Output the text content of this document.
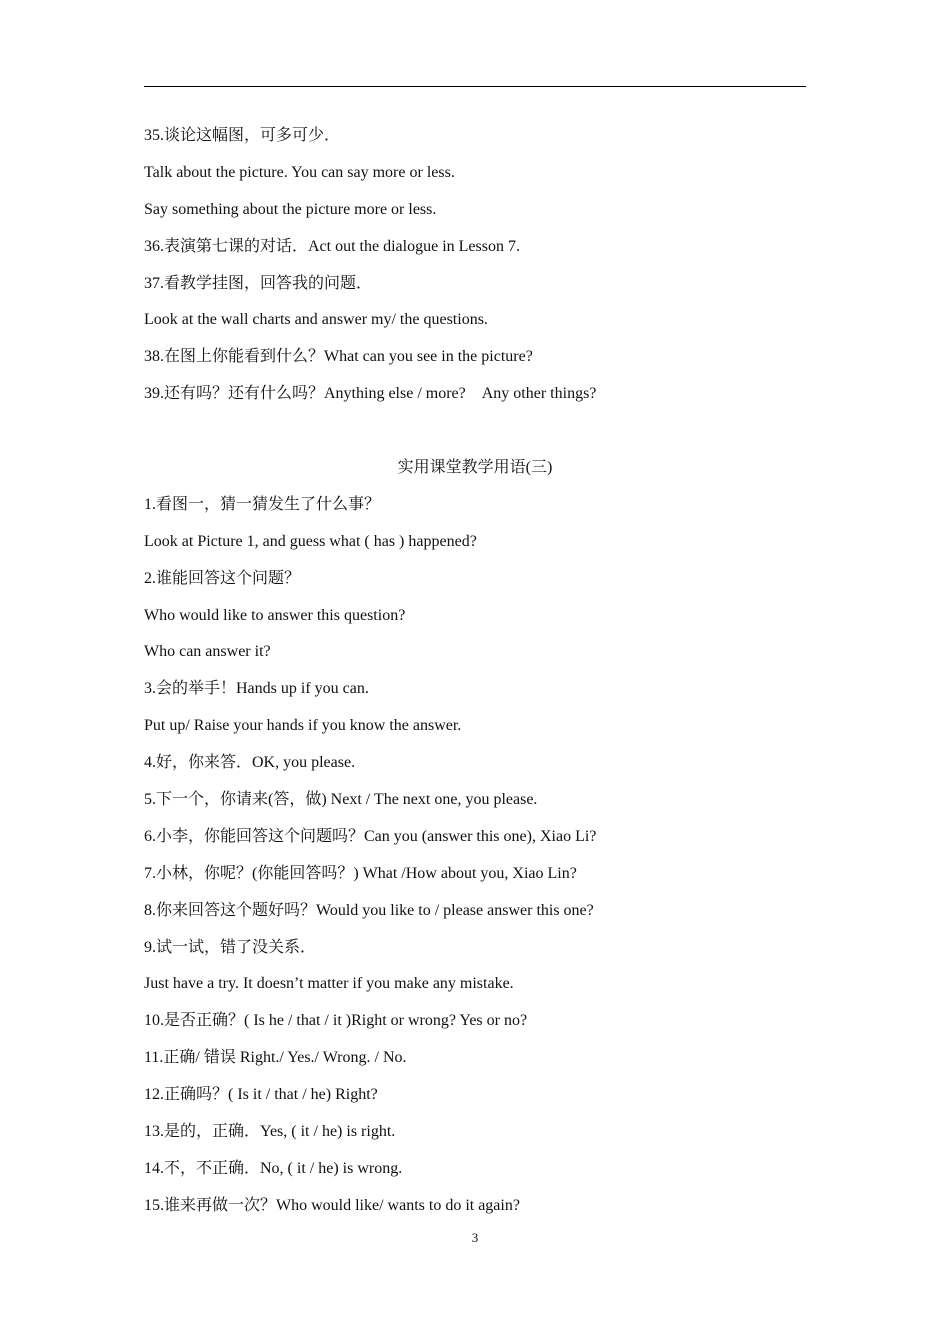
35.谈论这幅图，可多可少．
Talk about the picture. You can say more or less.
Say something about the picture more or less.
36.表演第七课的对话．Act out the dialogue in Lesson 7.
37.看教学挂图，回答我的问题．
Look at the wall charts and answer my/ the questions.
38.在图上你能看到什么？What can you see in the picture?
39.还有吗？还有什么吗？Anything else / more?　Any other things?
实用课堂教学用语(三)
1.看图一，猜一猜发生了什么事？
Look at Picture 1, and guess what ( has ) happened?
2.谁能回答这个问题？
Who would like to answer this question?
Who can answer it?
3.会的举手！Hands up if you can.
Put up/ Raise your hands if you know the answer.
4.好，你来答．OK, you please.
5.下一个，你请来(答，做) Next / The next one, you please.
6.小李，你能回答这个问题吗？Can you (answer this one), Xiao Li?
7.小林，你呢？(你能回答吗？) What /How about you, Xiao Lin?
8.你来回答这个题好吗？Would you like to / please answer this one?
9.试一试，错了没关系．
Just have a try. It doesn’t matter if you make any mistake.
10.是否正确？( Is he / that / it )Right or wrong? Yes or no?
11.正确/ 错误 Right./ Yes./ Wrong. / No.
12.正确吗？( Is it / that / he) Right?
13.是的，正确．Yes, ( it / he) is right.
14.不，不正确．No, ( it / he) is wrong.
15.谁来再做一次？Who would like/ wants to do it again?
3
